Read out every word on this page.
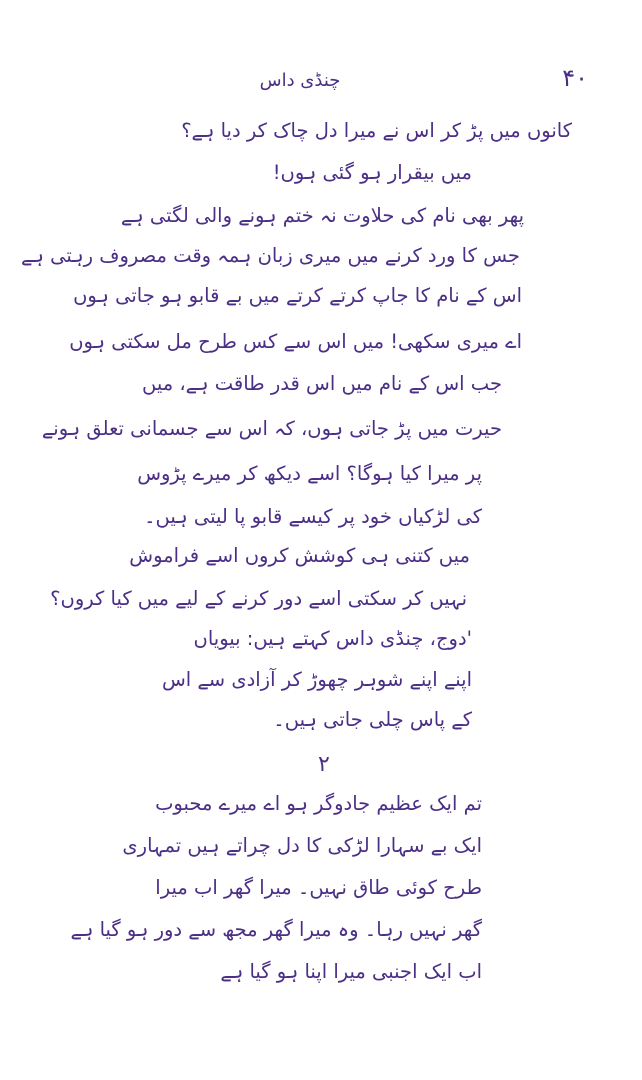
۴۰
چنڈی داس
کانوں میں پڑ کر اس نے میرا دل چاک کر دیا ہے؟
میں بیقرار ہو گئی ہوں!
پھر بھی نام کی حلاوت نہ ختم ہونے والی لگتی ہے
جس کا ورد کرنے میں میری زبان ہمہ وقت مصروف رہتی ہے
اس کے نام کا جاپ کرتے کرتے میں بے قابو ہو جاتی ہوں
اے میری سکھی! میں اس سے کس طرح مل سکتی ہوں
جب اس کے نام میں اس قدر طاقت ہے، میں
حیرت میں پڑ جاتی ہوں، کہ اس سے جسمانی تعلق ہونے
پر میرا کیا ہوگا؟ اسے دیکھ کر میرے پڑوس
کی لڑکیاں خود پر کیسے قابو پا لیتی ہیں۔
میں کتنی ہی کوشش کروں اسے فراموش
نہیں کر سکتی اسے دور کرنے کے لیے میں کیا کروں؟
'دوج، چنڈی داس کہتے ہیں: بیویاں
اپنے اپنے شوہر چھوڑ کر آزادی سے اس
کے پاس چلی جاتی ہیں۔
۲
تم ایک عظیم جادوگر ہو اے میرے محبوب
ایک بے سہارا لڑکی کا دل چراتے ہیں تمہاری
طرح کوئی طاق نہیں۔ میرا گھر اب میرا
گھر نہیں رہا۔ وہ میرا گھر مجھ سے دور ہو گیا ہے
اب ایک اجنبی میرا اپنا ہو گیا ہے
